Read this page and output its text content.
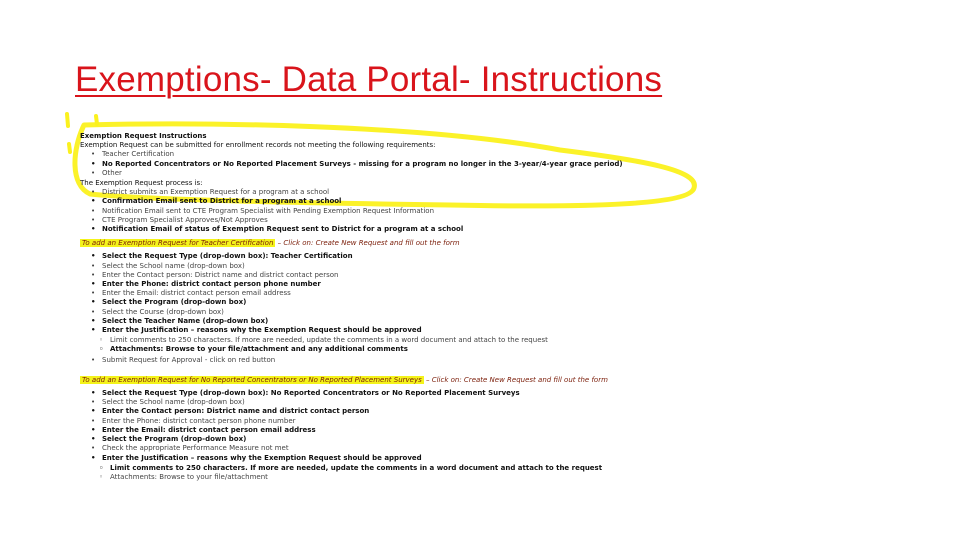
Exemptions- Data Portal- Instructions

Exemption Request Instructions

Exemption Request can be submitted for enrollment records not meeting the following requirements:

• Teacher Certification
• No Reported Concentrators or No Reported Placement Surveys - missing for a program no longer in the 3-year/4-year grace period)
• Other

The Exemption Request process is:

• District submits an Exemption Request for a program at a school
• Confirmation Email sent to District for a program at a school
• Notification Email sent to CTE Program Specialist with Pending Exemption Request Information
• CTE Program Specialist Approves/Not Approves
• Notification Email of status of Exemption Request sent to District for a program at a school
To add an Exemption Request for Teacher Certification – Click on: Create New Request and fill out the form
• Select the Request Type (drop-down box): Teacher Certification
• Select the School name (drop-down box)
• Enter the Contact person: District name and district contact person
• Enter the Phone: district contact person phone number
• Enter the Email: district contact person email address
• Select the Program (drop-down box)
• Select the Course (drop-down box)
• Select the Teacher Name (drop-down box)
• Enter the Justification – reasons why the Exemption Request should be approved
◦ Limit comments to 250 characters. If more are needed, update the comments in a word document and attach to the request
◦ Attachments: Browse to your file/attachment and any additional comments
• Submit Request for Approval - click on red button
To add an Exemption Request for No Reported Concentrators or No Reported Placement Surveys – Click on: Create New Request and fill out the form
• Select the Request Type (drop-down box): No Reported Concentrators or No Reported Placement Surveys
• Select the School name (drop-down box)
• Enter the Contact person: District name and district contact person
• Enter the Phone: district contact person phone number
• Enter the Email: district contact person email address
• Select the Program (drop-down box)
• Check the appropriate Performance Measure not met
• Enter the Justification – reasons why the Exemption Request should be approved
◦ Limit comments to 250 characters. If more are needed, update the comments in a word document and attach to the request
◦ Attachments: Browse to your file/attachment
